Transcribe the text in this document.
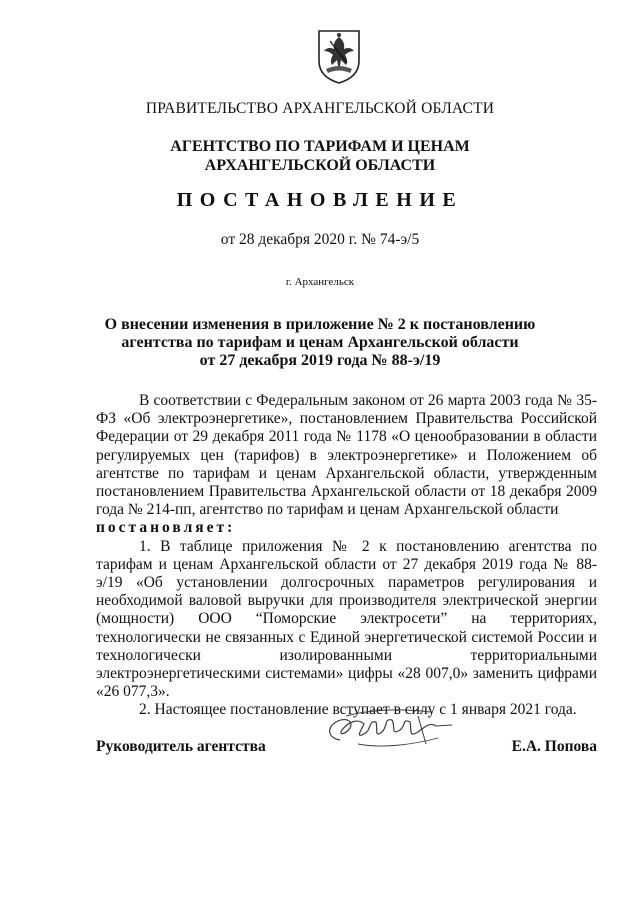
ПРАВИТЕЛЬСТВО АРХАНГЕЛЬСКОЙ ОБЛАСТИ
АГЕНТСТВО ПО ТАРИФАМ И ЦЕНАМ
АРХАНГЕЛЬСКОЙ ОБЛАСТИ
ПОСТАНОВЛЕНИЕ
от 28 декабря 2020 г. № 74-э/5
г. Архангельск
О внесении изменения в приложение № 2 к постановлению
агентства по тарифам и ценам Архангельской области
от 27 декабря 2019 года № 88-э/19

В соответствии с Федеральным законом от 26 марта 2003 года № 35-ФЗ «Об электроэнергетике», постановлением Правительства Российской Федерации от 29 декабря 2011 года № 1178 «О ценообразовании в области регулируемых цен (тарифов) в электроэнергетике» и Положением об агентстве по тарифам и ценам Архангельской области, утвержденным постановлением Правительства Архангельской области от 18 декабря 2009 года № 214-пп, агентство по тарифам и ценам Архангельской области

постановляет:

1. В таблице приложения № 2 к постановлению агентства по тарифам и ценам Архангельской области от 27 декабря 2019 года № 88-э/19 «Об установлении долгосрочных параметров регулирования и необходимой валовой выручки для производителя электрической энергии (мощности) ООО “Поморские электросети” на территориях, технологически не связанных с Единой энергетической системой России и технологически изолированными территориальными электроэнергетическими системами» цифры «28 007,0» заменить цифрами «26 077,3».

2. Настоящее постановление вступает в силу с 1 января 2021 года.

Руководитель агентства	Е.А. Попова
